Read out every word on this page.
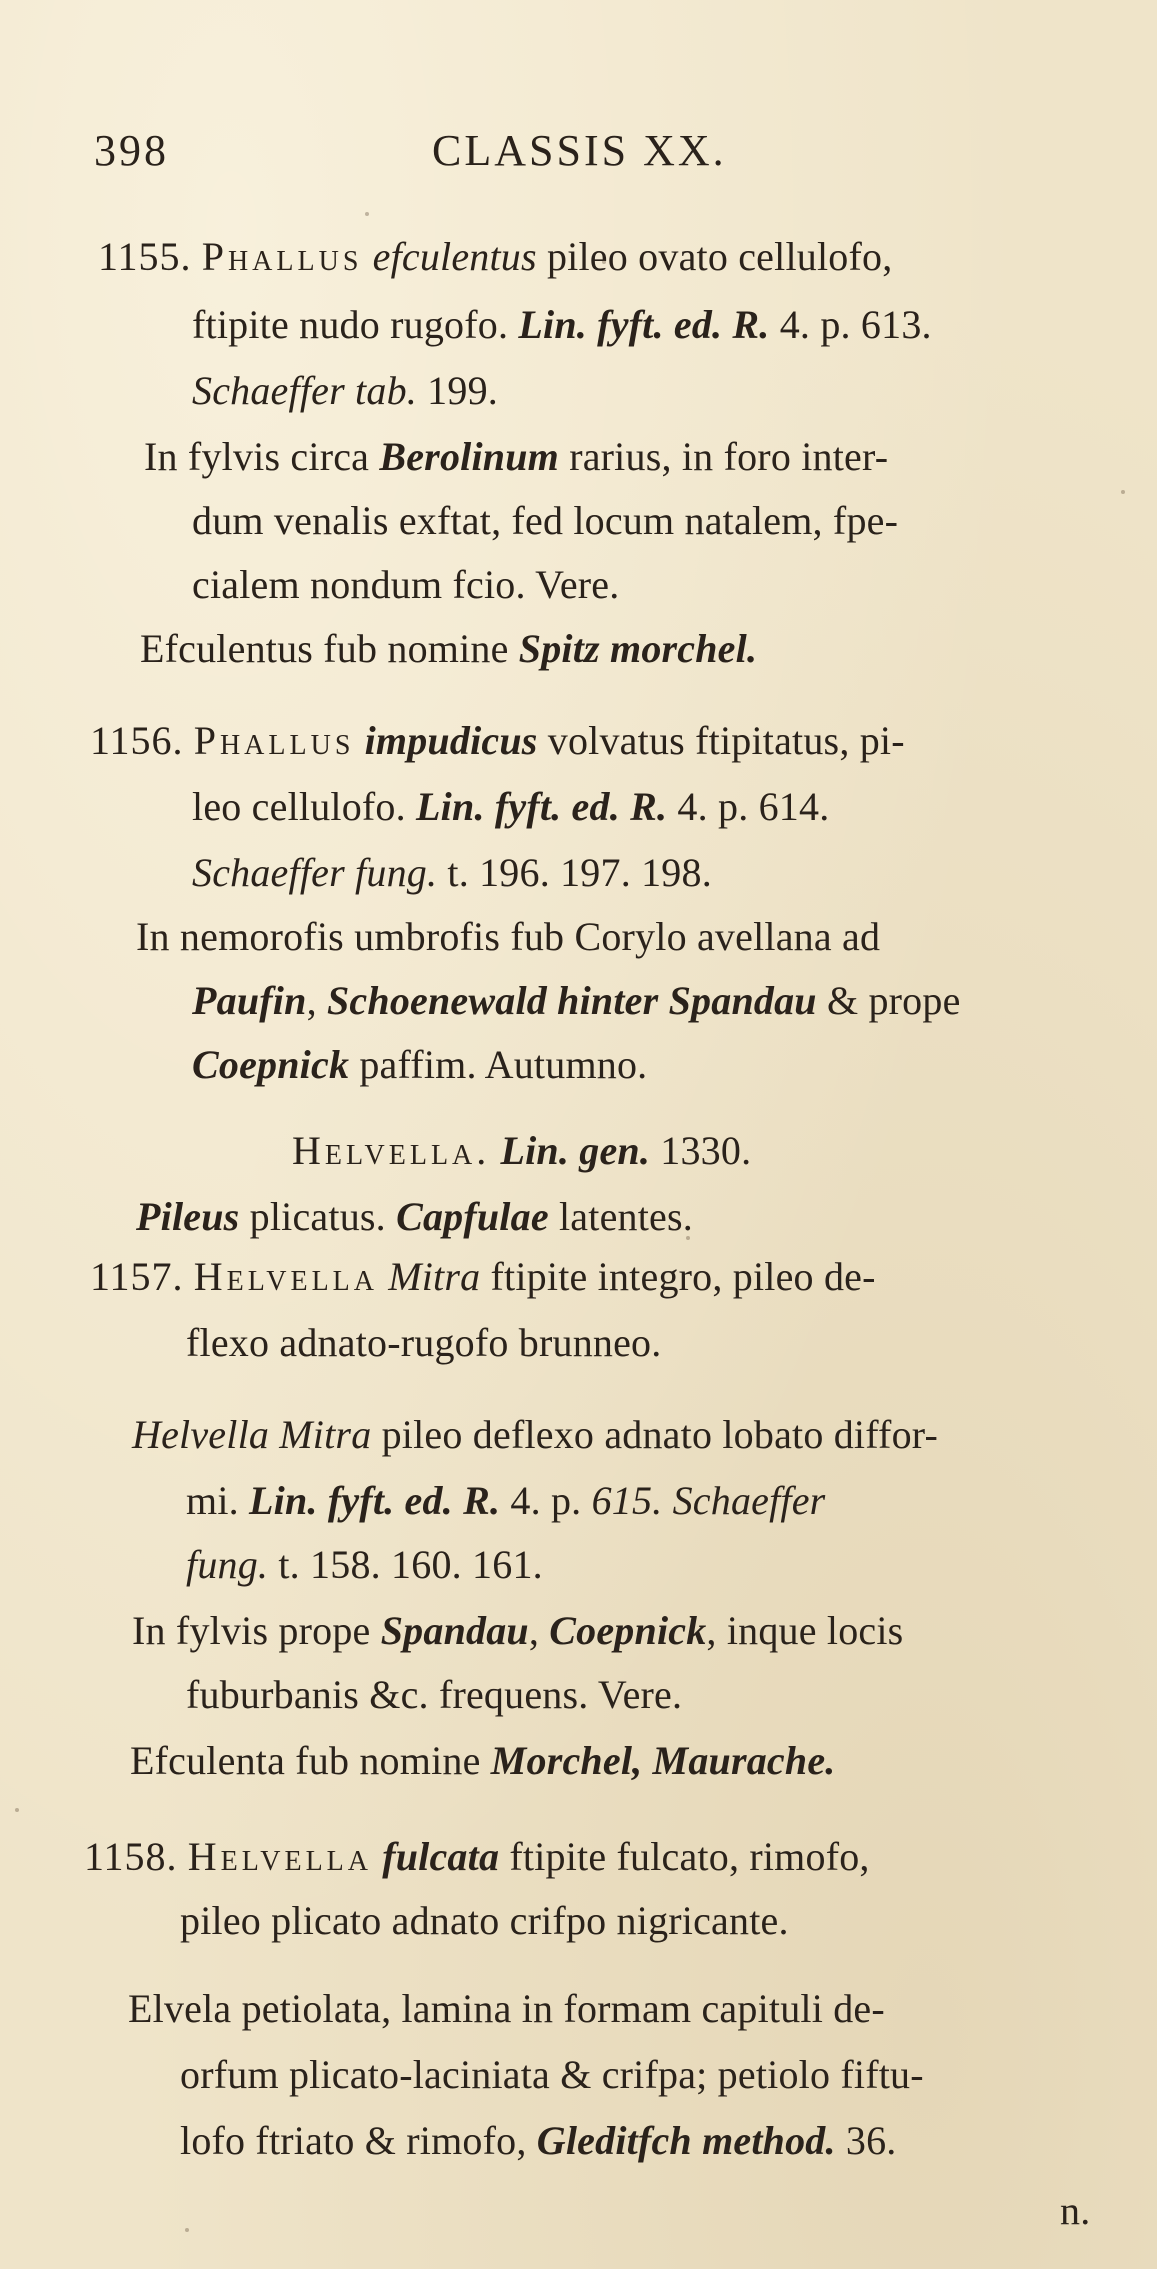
398	CLASSIS XX.
1155. Phallus efculentus pileo ovato cellulofo,
ftipite nudo rugofo. Lin. fyft. ed. R. 4. p. 613.
Schaeffer tab. 199.
In fylvis circa Berolinum rarius, in foro inter-
dum venalis exftat, fed locum natalem, fpe-
cialem nondum fcio. Vere.
Efculentus fub nomine Spitz morchel.
1156. Phallus impudicus volvatus ftipitatus, pi-
leo cellulofo. Lin. fyft. ed. R. 4. p. 614.
Schaeffer fung. t. 196. 197. 198.
In nemorofis umbrofis fub Corylo avellana ad
Paufin, Schoenewald hinter Spandau & prope
Coepnick paffim. Autumno.
Helvella. Lin. gen. 1330.
Pileus plicatus. Capfulae latentes.
1157. Helvella Mitra ftipite integro, pileo de-
flexo adnato-rugofo brunneo.
Helvella Mitra pileo deflexo adnato lobato diffor-
mi. Lin. fyft. ed. R. 4. p. 615. Schaeffer
fung. t. 158. 160. 161.
In fylvis prope Spandau, Coepnick, inque locis
fuburbanis &c. frequens. Vere.
Efculenta fub nomine Morchel, Maurache.
1158. Helvella fulcata ftipite fulcato, rimofo,
pileo plicato adnato crifpo nigricante.
Elvela petiolata, lamina in formam capituli de-
orfum plicato-laciniata & crifpa; petiolo fiftu-
lofo ftriato & rimofo, Gleditfch method. 36.
n.
